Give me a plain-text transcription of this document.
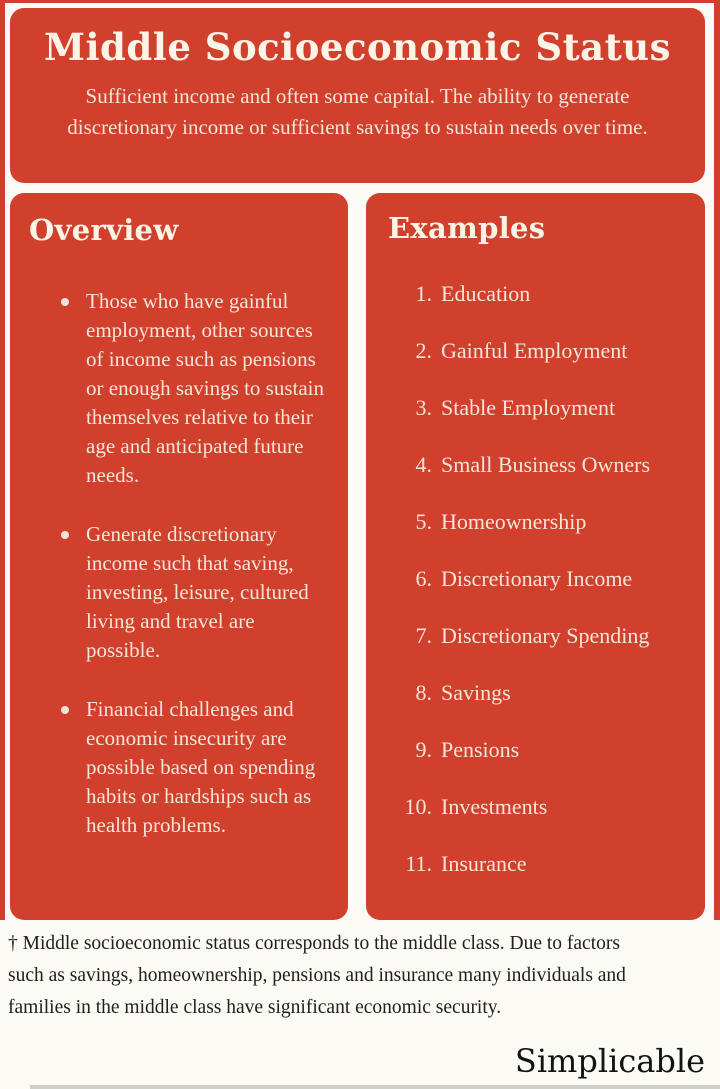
Middle Socioeconomic Status

Sufficient income and often some capital. The ability to generate discretionary income or sufficient savings to sustain needs over time.

Overview
Those who have gainful employment, other sources of income such as pensions or enough savings to sustain themselves relative to their age and anticipated future needs.
Generate discretionary income such that saving, investing, leisure, cultured living and travel are possible.
Financial challenges and economic insecurity are possible based on spending habits or hardships such as health problems.
Examples
1. Education
2. Gainful Employment
3. Stable Employment
4. Small Business Owners
5. Homeownership
6. Discretionary Income
7. Discretionary Spending
8. Savings
9. Pensions
10. Investments
11. Insurance

† Middle socioeconomic status corresponds to the middle class. Due to factors such as savings, homeownership, pensions and insurance many individuals and families in the middle class have significant economic security.

Simplicable
